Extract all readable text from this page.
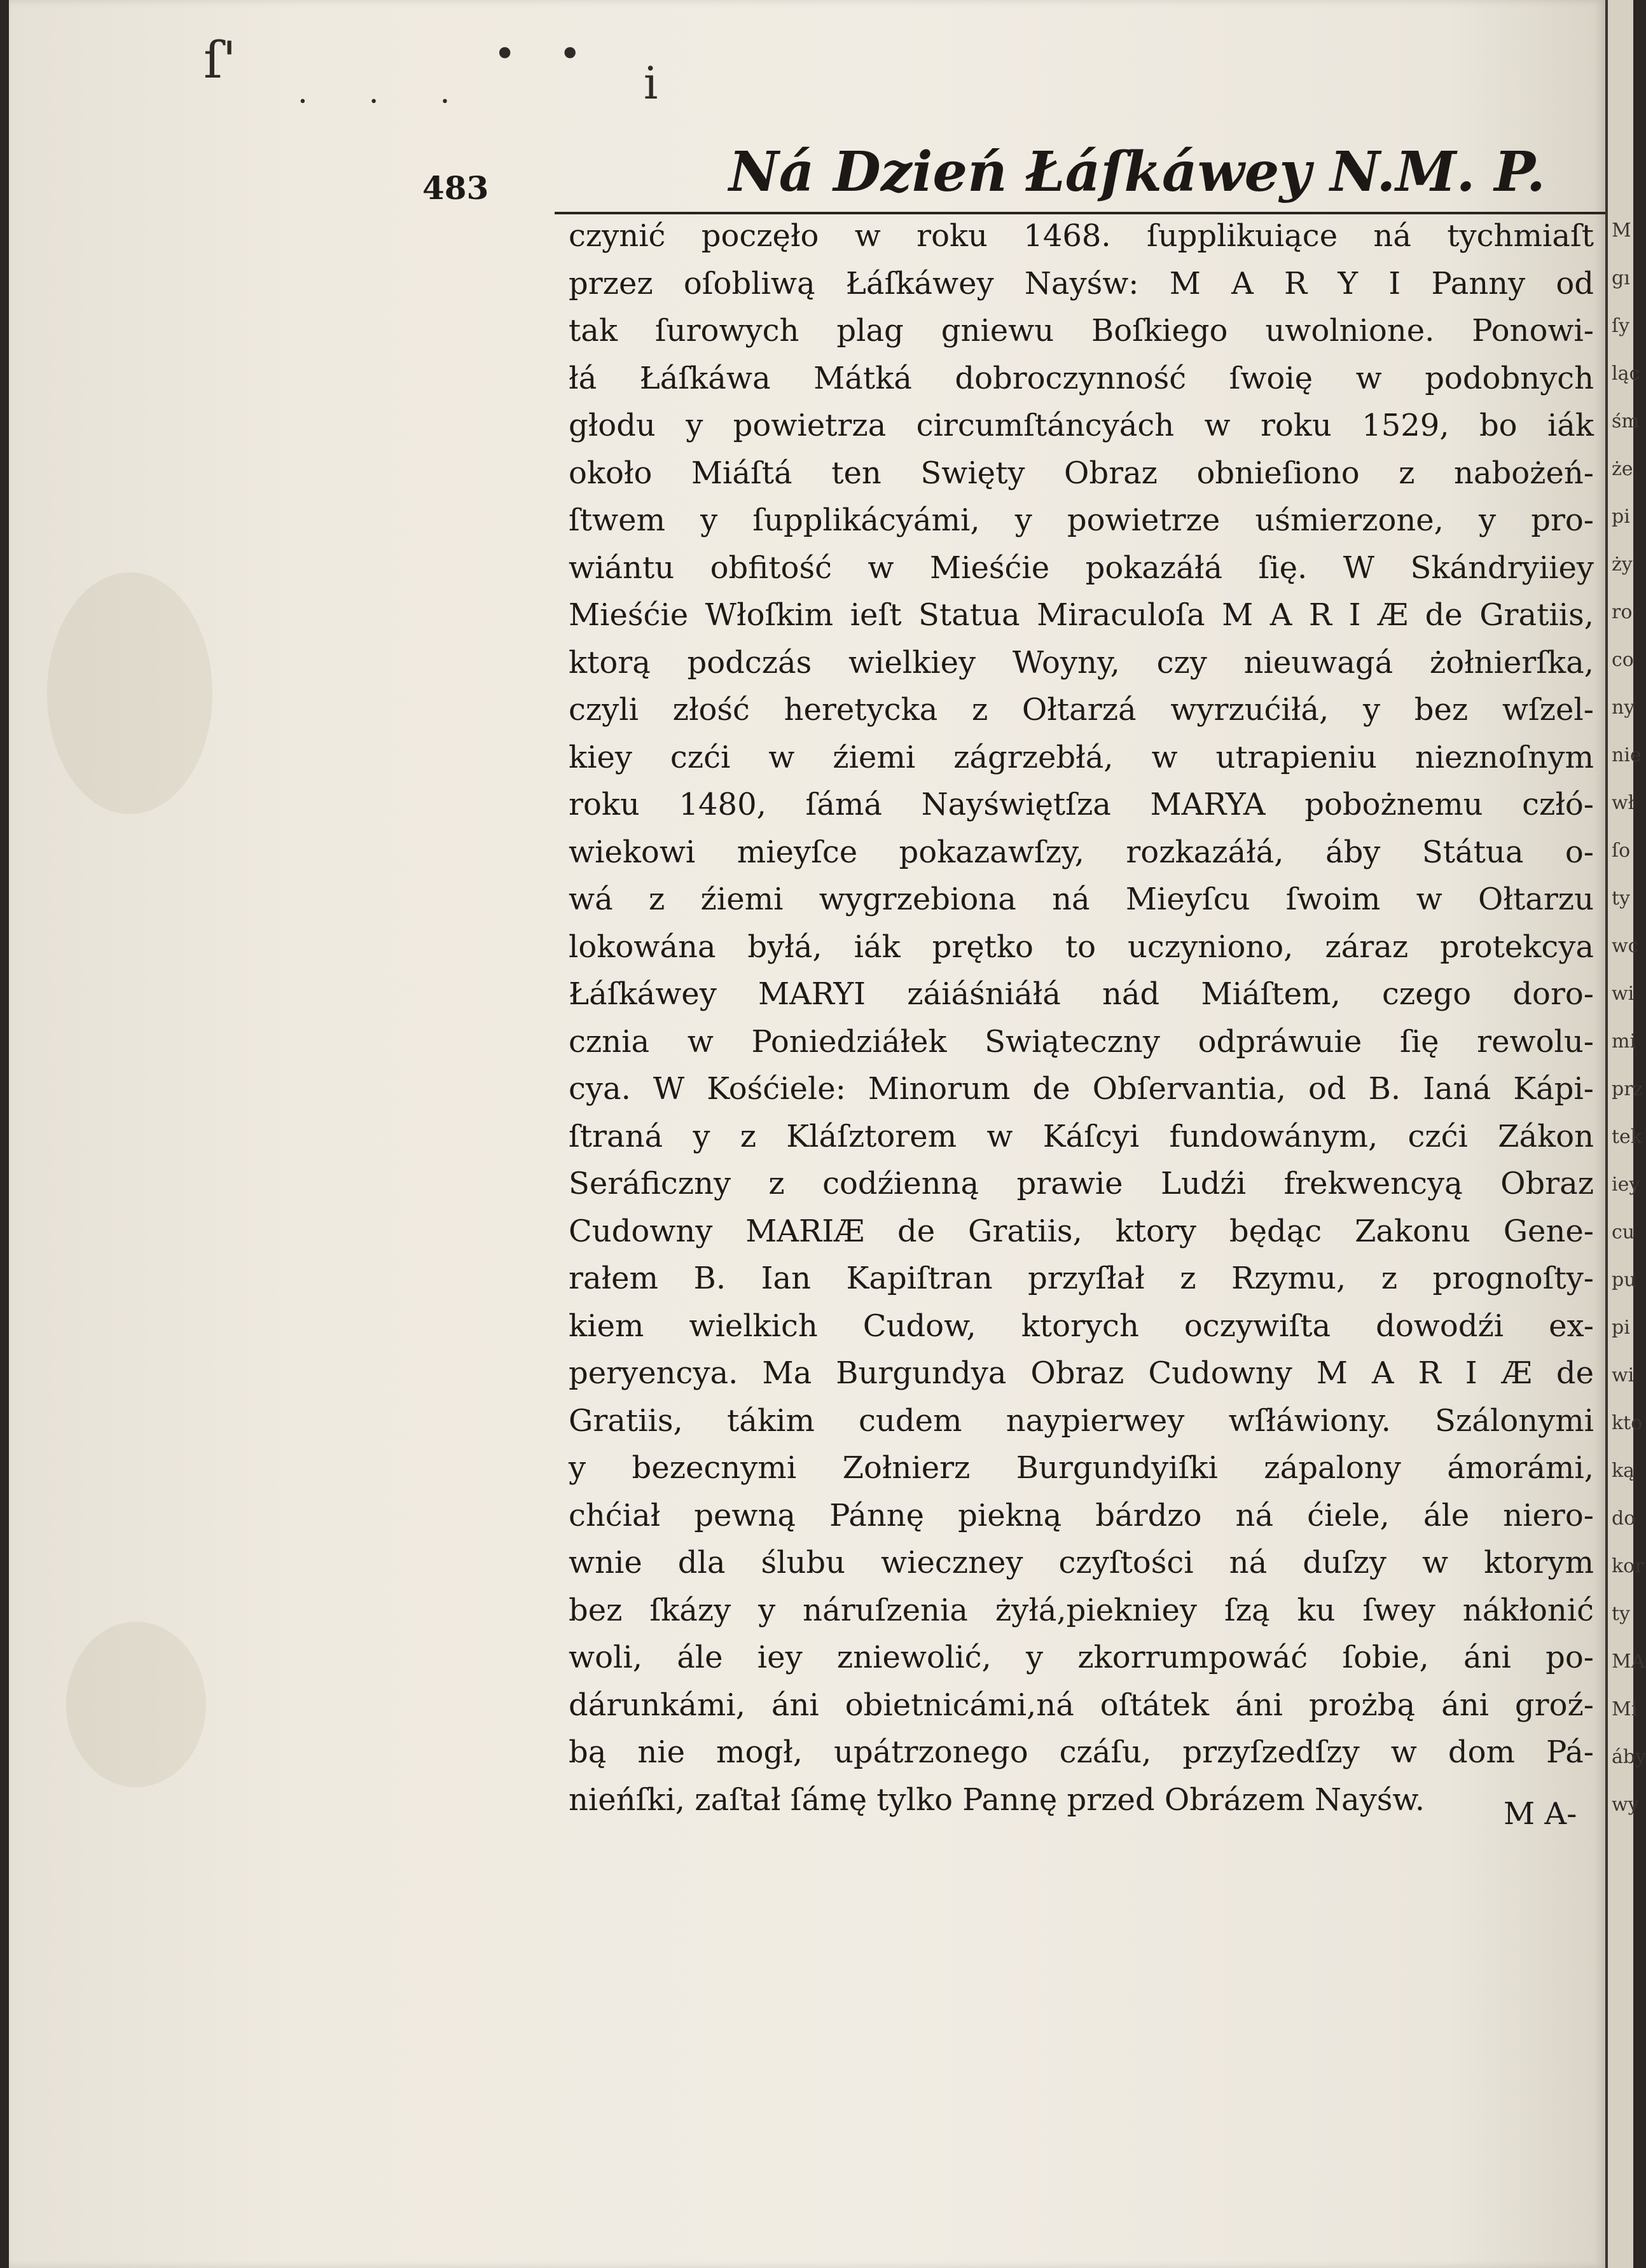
ſ'	• •
i
· · ·
483	Ná Dzień Łáſkáwey N.M. P.
czynić poczęło w roku 1468. ſupplikuiące ná tychmiaſt
przez oſobliwą Łáſkáwey Nayśw: M A R Y I Panny od
tak ſurowych plag gniewu Boſkiego uwolnione. Ponowi-
łá Łáſkáwa Mátká dobroczynność ſwoię w podobnych
głodu y powietrza circumſtáncyách w roku 1529, bo iák
około Miáſtá ten Swięty Obraz obnieſiono z nabożeń-
ſtwem y ſupplikácyámi, y powietrze uśmierzone, y pro-
wiántu obfitość w Mieśćie pokazáłá ſię. W Skándryiiey
Mieśćie Włoſkim ieſt Statua Miraculoſa M A R I Æ de Gratiis,
ktorą podczás wielkiey Woyny, czy nieuwagá żołnierſka,
czyli złość heretycka z Ołtarzá wyrzućiłá, y bez wſzel-
kiey czći w źiemi zágrzebłá, w utrapieniu nieznoſnym
roku 1480, ſámá Nayświętſza MARYA pobożnemu człó-
wiekowi mieyſce pokazawſzy, rozkazáłá, áby Státua o-
wá z źiemi wygrzebiona ná Mieyſcu ſwoim w Ołtarzu
lokowána byłá, iák prętko to uczyniono, záraz protekcya
Łáſkáwey MARYI záiáśniáłá nád Miáſtem, czego doro-
cznia w Poniedziáłek Swiąteczny odpráwuie ſię rewolu-
cya. W Kośćiele: Minorum de Obſervantia, od B. Ianá Kápi-
ſtraná y z Kláſztorem w Káſcyi fundowánym, czći Zákon
Seráficzny z codźienną prawie Ludźi frekwencyą Obraz
Cudowny MARIÆ de Gratiis, ktory będąc Zakonu Gene-
rałem B. Ian Kapiſtran przyſłał z Rzymu, z prognoſty-
kiem wielkich Cudow, ktorych oczywiſta dowodźi ex-
peryencya. Ma Burgundya Obraz Cudowny M A R I Æ de
Gratiis, tákim cudem naypierwey wſłáwiony. Szálonymi
y bezecnymi Zołnierz Burgundyiſki zápalony ámorámi,
chćiał pewną Pánnę piekną bárdzo ná ćiele, ále niero-
wnie dla ślubu wieczney czyſtości ná duſzy w ktorym
bez ſkázy y náruſzenia żyłá,piekniey ſzą ku ſwey nákłonić
woli, ále iey zniewolić, y zkorrumpowáć ſobie, áni po-
dárunkámi, áni obietnicámi,ná oſtátek áni prożbą áni groź-
bą nie mogł, upátrzonego czáſu, przyſzedſzy w dom Pá-
nieńſki, zaſtał ſámę tylko Pannę przed Obrázem Nayśw.	M A-
M
gı
ſy
ląc
śm
że
pi
ży
ro
co
ny
nie
wł
ſo
ty
wc
wi
mi
prz
tek
iey
cu
pu
pi
wi
kto
ką
do
kor
ty
MA
Mi
áby
wy
